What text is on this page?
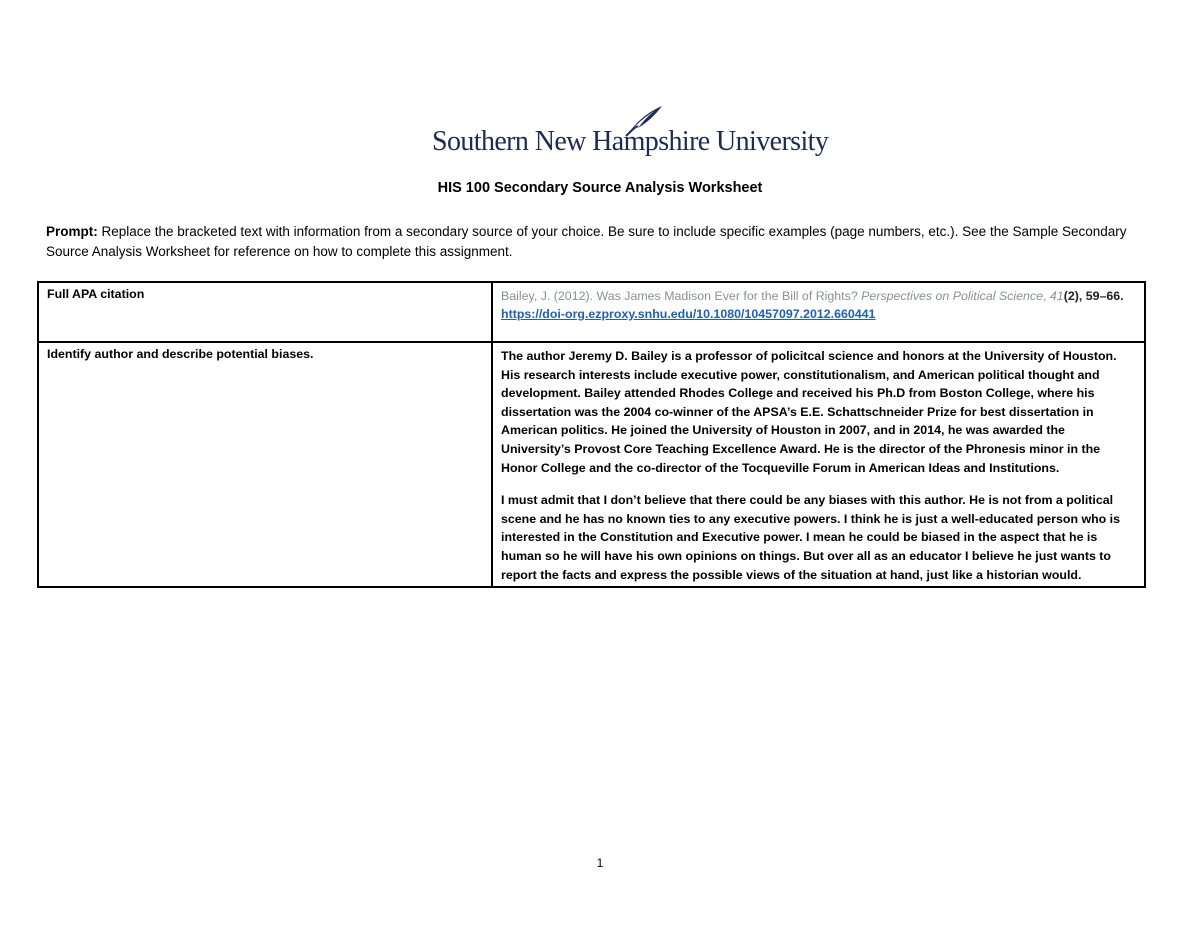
Southern New Hampshire University
HIS 100 Secondary Source Analysis Worksheet
Prompt: Replace the bracketed text with information from a secondary source of your choice. Be sure to include specific examples (page numbers, etc.). See the Sample Secondary Source Analysis Worksheet for reference on how to complete this assignment.
Full APA citation	Bailey, J. (2012). Was James Madison Ever for the Bill of Rights? Perspectives on Political Science, 41(2), 59–66. https://doi-org.ezproxy.snhu.edu/10.1080/10457097.2012.660441
Identify author and describe potential biases.	The author Jeremy D. Bailey is a professor of policitcal science and honors at the University of Houston. His research interests include executive power, constitutionalism, and American political thought and development. Bailey attended Rhodes College and received his Ph.D from Boston College, where his dissertation was the 2004 co-winner of the APSA’s E.E. Schattschneider Prize for best dissertation in American politics. He joined the University of Houston in 2007, and in 2014, he was awarded the University’s Provost Core Teaching Excellence Award. He is the director of the Phronesis minor in the Honor College and the co-director of the Tocqueville Forum in American Ideas and Institutions.

I must admit that I don’t believe that there could be any biases with this author. He is not from a political scene and he has no known ties to any executive powers. I think he is just a well-educated person who is interested in the Constitution and Executive power. I mean he could be biased in the aspect that he is human so he will have his own opinions on things. But over all as an educator I believe he just wants to report the facts and express the possible views of the situation at hand, just like a historian would.

1
